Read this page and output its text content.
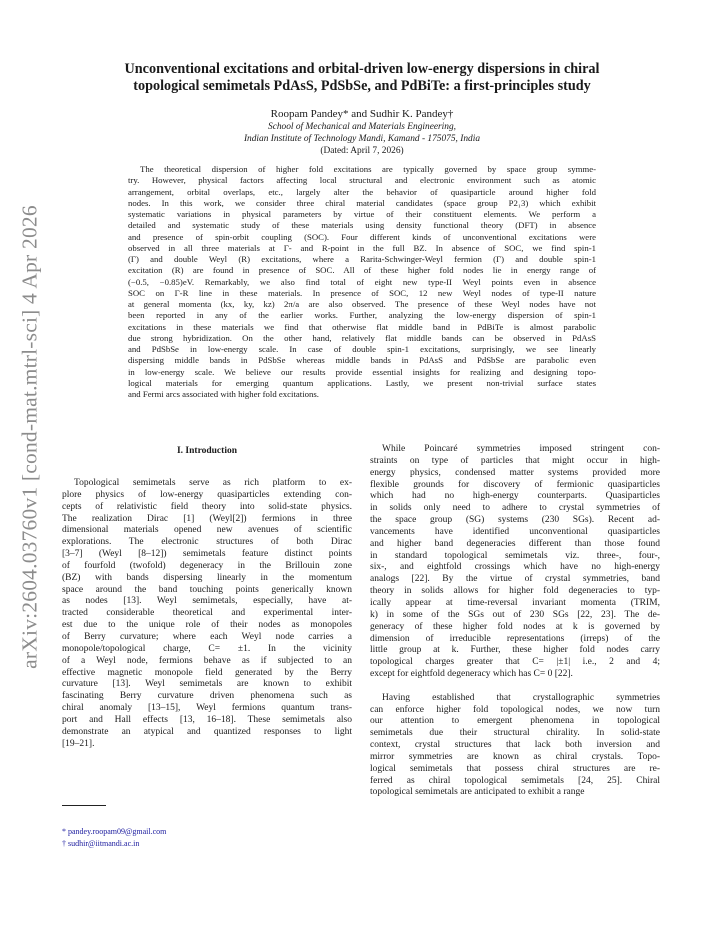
arXiv:2604.03760v1 [cond-mat.mtrl-sci] 4 Apr 2026
Unconventional excitations and orbital-driven low-energy dispersions in chiral
topological semimetals PdAsS, PdSbSe, and PdBiTe: a first-principles study
Roopam Pandey* and Sudhir K. Pandey†
School of Mechanical and Materials Engineering,
Indian Institute of Technology Mandi, Kamand - 175075, India
(Dated: April 7, 2026)
The theoretical dispersion of higher fold excitations are typically governed by space group symme-
try. However, physical factors affecting local structural and electronic environment such as atomic
arrangement, orbital overlaps, etc., largely alter the behavior of quasiparticle around higher fold
nodes. In this work, we consider three chiral material candidates (space group P2₁3) which exhibit
systematic variations in physical parameters by virtue of their constituent elements. We perform a
detailed and systematic study of these materials using density functional theory (DFT) in absence
and presence of spin-orbit coupling (SOC). Four different kinds of unconventional excitations were
observed in all three materials at Γ- and R-point in the full BZ. In absence of SOC, we find spin-1
(Γ) and double Weyl (R) excitations, where a Rarita-Schwinger-Weyl fermion (Γ) and double spin-1
excitation (R) are found in presence of SOC. All of these higher fold nodes lie in energy range of
(−0.5, −0.85)eV. Remarkably, we also find total of eight new type-II Weyl points even in absence
SOC on Γ-R line in these materials. In presence of SOC, 12 new Weyl nodes of type-II nature
at general momenta (kx, ky, kz) 2π/a are also observed. The presence of these Weyl nodes have not
been reported in any of the earlier works. Further, analyzing the low-energy dispersion of spin-1
excitations in these materials we find that otherwise flat middle band in PdBiTe is almost parabolic
due strong hybridization. On the other hand, relatively flat middle bands can be observed in PdAsS
and PdSbSe in low-energy scale. In case of double spin-1 excitations, surprisingly, we see linearly
dispersing middle bands in PdSbSe whereas middle bands in PdAsS and PdSbSe are parabolic even
in low-energy scale. We believe our results provide essential insights for realizing and designing topo-
logical materials for emerging quantum applications. Lastly, we present non-trivial surface states
and Fermi arcs associated with higher fold excitations.
I. Introduction
Topological semimetals serve as rich platform to ex-
plore physics of low-energy quasiparticles extending con-
cepts of relativistic field theory into solid-state physics.
The realization Dirac [1] (Weyl[2]) fermions in three
dimensional materials opened new avenues of scientific
explorations. The electronic structures of both Dirac
[3–7] (Weyl [8–12]) semimetals feature distinct points
of fourfold (twofold) degeneracy in the Brillouin zone
(BZ) with bands dispersing linearly in the momentum
space around the band touching points generically known
as nodes [13]. Weyl semimetals, especially, have at-
tracted considerable theoretical and experimental inter-
est due to the unique role of their nodes as monopoles
of Berry curvature; where each Weyl node carries a
monopole/topological charge, C= ±1. In the vicinity
of a Weyl node, fermions behave as if subjected to an
effective magnetic monopole field generated by the Berry
curvature [13]. Weyl semimetals are known to exhibit
fascinating Berry curvature driven phenomena such as
chiral anomaly [13–15], Weyl fermions quantum trans-
port and Hall effects [13, 16–18]. These semimetals also
demonstrate an atypical and quantized responses to light
[19–21].
While Poincaré symmetries imposed stringent con-
straints on type of particles that might occur in high-
energy physics, condensed matter systems provided more
flexible grounds for discovery of fermionic quasiparticles
which had no high-energy counterparts. Quasiparticles
in solids only need to adhere to crystal symmetries of
the space group (SG) systems (230 SGs). Recent ad-
vancements have identified unconventional quasiparticles
and higher band degeneracies different than those found
in standard topological semimetals viz. three-, four-,
six-, and eightfold crossings which have no high-energy
analogs [22]. By the virtue of crystal symmetries, band
theory in solids allows for higher fold degeneracies to typ-
ically appear at time-reversal invariant momenta (TRIM,
k) in some of the SGs out of 230 SGs [22, 23]. The de-
generacy of these higher fold nodes at k is governed by
dimension of irreducible representations (irreps) of the
little group at k. Further, these higher fold nodes carry
topological charges greater that C= |±1| i.e., 2 and 4;
except for eightfold degeneracy which has C= 0 [22].
Having established that crystallographic symmetries
can enforce higher fold topological nodes, we now turn
our attention to emergent phenomena in topological
semimetals due their structural chirality. In solid-state
context, crystal structures that lack both inversion and
mirror symmetries are known as chiral crystals. Topo-
logical semimetals that possess chiral structures are re-
ferred as chiral topological semimetals [24, 25]. Chiral
topological semimetals are anticipated to exhibit a range
* pandey.roopam09@gmail.com
† sudhir@iitmandi.ac.in
